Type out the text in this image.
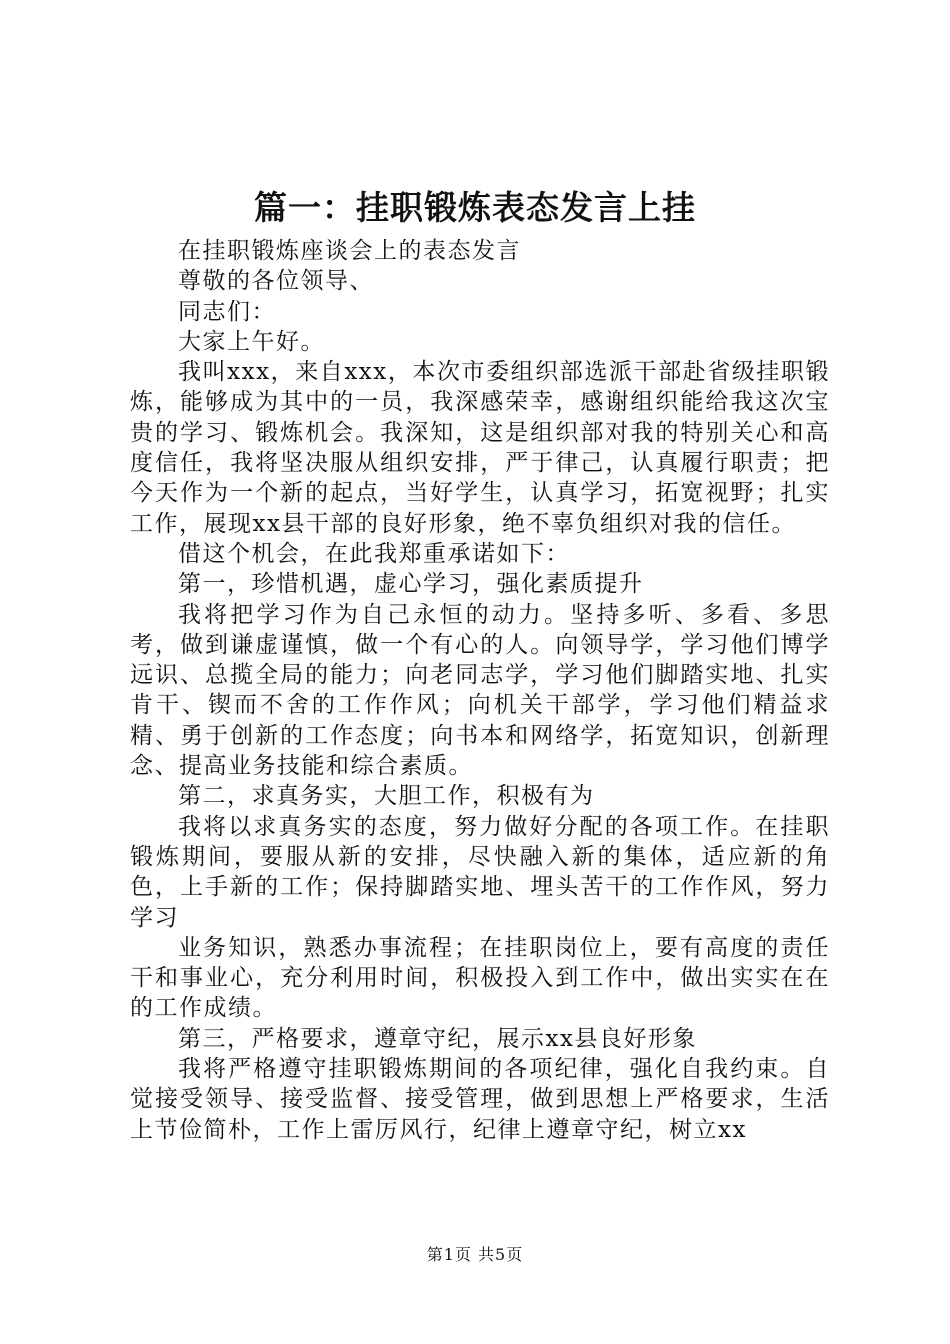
篇一：挂职锻炼表态发言上挂

在挂职锻炼座谈会上的表态发言

尊敬的各位领导、

同志们：

大家上午好。

我叫xxx，来自xxx，本次市委组织部选派干部赴省级挂职锻炼，能够成为其中的一员，我深感荣幸，感谢组织能给我这次宝贵的学习、锻炼机会。我深知，这是组织部对我的特别关心和高度信任，我将坚决服从组织安排，严于律己，认真履行职责；把今天作为一个新的起点，当好学生，认真学习，拓宽视野；扎实工作，展现xx县干部的良好形象，绝不辜负组织对我的信任。

借这个机会，在此我郑重承诺如下：

第一，珍惜机遇，虚心学习，强化素质提升

我将把学习作为自己永恒的动力。坚持多听、多看、多思考，做到谦虚谨慎，做一个有心的人。向领导学，学习他们博学远识、总揽全局的能力；向老同志学，学习他们脚踏实地、扎实肯干、锲而不舍的工作作风；向机关干部学，学习他们精益求精、勇于创新的工作态度；向书本和网络学，拓宽知识，创新理念、提高业务技能和综合素质。

第二，求真务实，大胆工作，积极有为

我将以求真务实的态度，努力做好分配的各项工作。在挂职锻炼期间，要服从新的安排，尽快融入新的集体，适应新的角色，上手新的工作；保持脚踏实地、埋头苦干的工作作风，努力学习

业务知识，熟悉办事流程；在挂职岗位上，要有高度的责任干和事业心，充分利用时间，积极投入到工作中，做出实实在在的工作成绩。

第三，严格要求，遵章守纪，展示xx县良好形象

我将严格遵守挂职锻炼期间的各项纪律，强化自我约束。自觉接受领导、接受监督、接受管理，做到思想上严格要求，生活上节俭简朴，工作上雷厉风行，纪律上遵章守纪，树立xx

第1页 共5页
